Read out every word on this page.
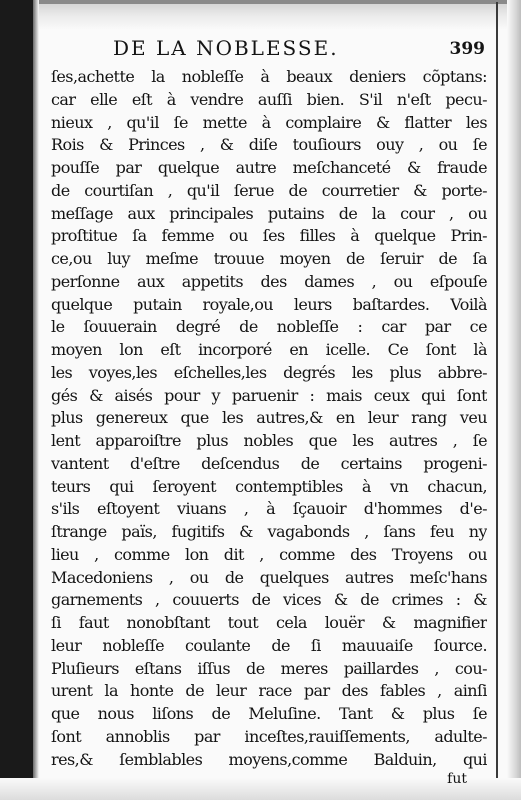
DE LA NOBLESSE.	399
ſes,achette la nobleſſe à beaux deniers cõptans:
car elle eſt à vendre auſſi bien. S'il n'eſt pecu-
nieux , qu'il ſe mette à complaire & flatter les
Rois & Princes , & diſe touſiours ouy , ou ſe
pouſſe par quelque autre meſchanceté & fraude
de courtiſan , qu'il ſerue de courretier & porte-
meſſage aux principales putains de la cour , ou
proſtitue ſa femme ou ſes filles à quelque Prin-
ce,ou luy meſme trouue moyen de ſeruir de ſa
perſonne aux appetits des dames , ou eſpouſe
quelque putain royale,ou leurs baſtardes. Voilà
le ſouuerain degré de nobleſſe : car par ce
moyen lon eſt incorporé en icelle. Ce ſont là
les voyes,les eſchelles,les degrés les plus abbre-
gés & aisés pour y paruenir : mais ceux qui ſont
plus genereux que les autres,& en leur rang veu
lent apparoiſtre plus nobles que les autres , ſe
vantent d'eſtre deſcendus de certains progeni-
teurs qui ſeroyent contemptibles à vn chacun,
s'ils eſtoyent viuans , à ſçauoir d'hommes d'e-
ſtrange païs, fugitifs & vagabonds , ſans feu ny
lieu , comme lon dit , comme des Troyens ou
Macedoniens , ou de quelques autres meſc'hans
garnements , couuerts de vices & de crimes : &
ſi faut nonobſtant tout cela louër & magnifier
leur nobleſſe coulante de ſi mauuaiſe ſource.
Pluſieurs eſtans iſſus de meres paillardes , cou-
urent la honte de leur race par des fables , ainſi
que nous liſons de Meluſine. Tant & plus ſe
ſont annoblis par inceſtes,rauiſſements, adulte-
res,& ſemblables moyens,comme Balduin, qui
fut
